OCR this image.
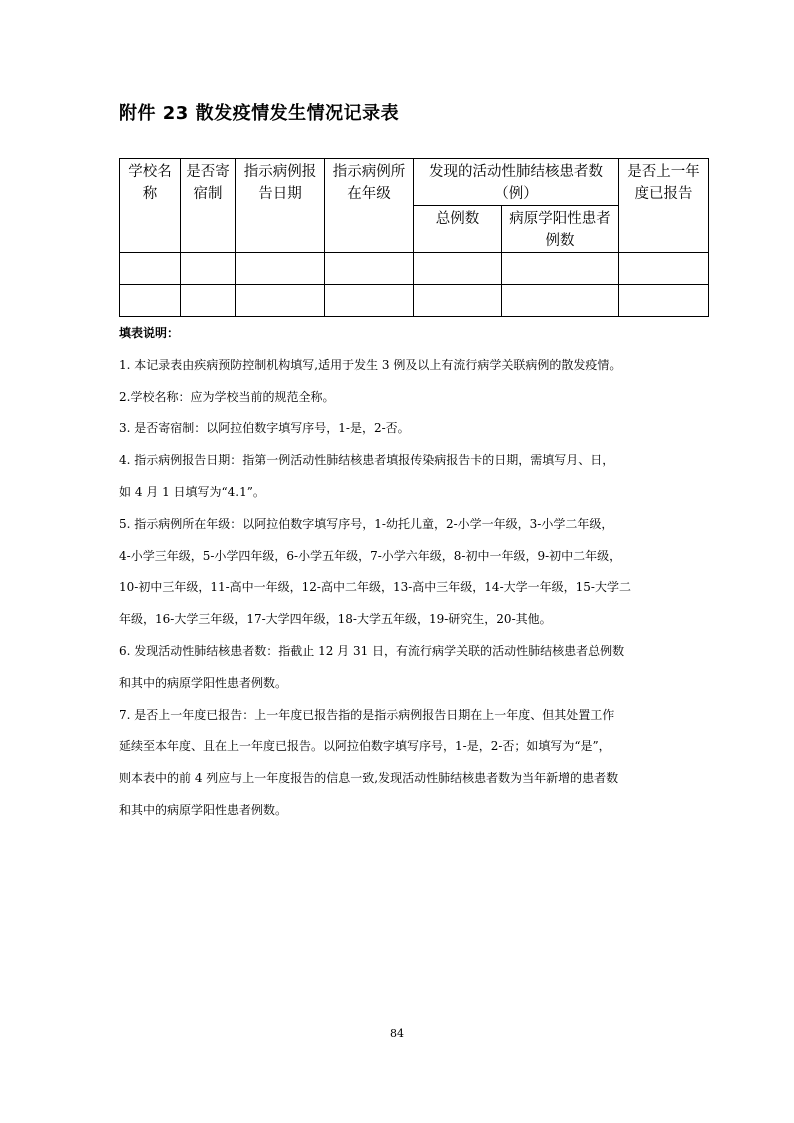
附件 23 散发疫情发生情况记录表
学校名称	是否寄宿制	指示病例报告日期	指示病例所在年级	发现的活动性肺结核患者数（例）		是否上一年度已报告
				总例数	病原学阳性患者例数	

填表说明：
1. 本记录表由疾病预防控制机构填写,适用于发生 3 例及以上有流行病学关联病例的散发疫情。
2.学校名称：应为学校当前的规范全称。
3. 是否寄宿制：以阿拉伯数字填写序号，1-是，2-否。
4. 指示病例报告日期：指第一例活动性肺结核患者填报传染病报告卡的日期，需填写月、日，
如 4 月 1 日填写为“4.1”。
5. 指示病例所在年级：以阿拉伯数字填写序号，1-幼托儿童，2-小学一年级，3-小学二年级，
4-小学三年级，5-小学四年级，6-小学五年级，7-小学六年级，8-初中一年级，9-初中二年级，
10-初中三年级，11-高中一年级，12-高中二年级，13-高中三年级，14-大学一年级，15-大学二
年级，16-大学三年级，17-大学四年级，18-大学五年级，19-研究生，20-其他。
6. 发现活动性肺结核患者数：指截止 12 月 31 日，有流行病学关联的活动性肺结核患者总例数
和其中的病原学阳性患者例数。
7. 是否上一年度已报告：上一年度已报告指的是指示病例报告日期在上一年度、但其处置工作
延续至本年度、且在上一年度已报告。以阿拉伯数字填写序号，1-是，2-否；如填写为“是”，
则本表中的前 4 列应与上一年度报告的信息一致,发现活动性肺结核患者数为当年新增的患者数
和其中的病原学阳性患者例数。
84
